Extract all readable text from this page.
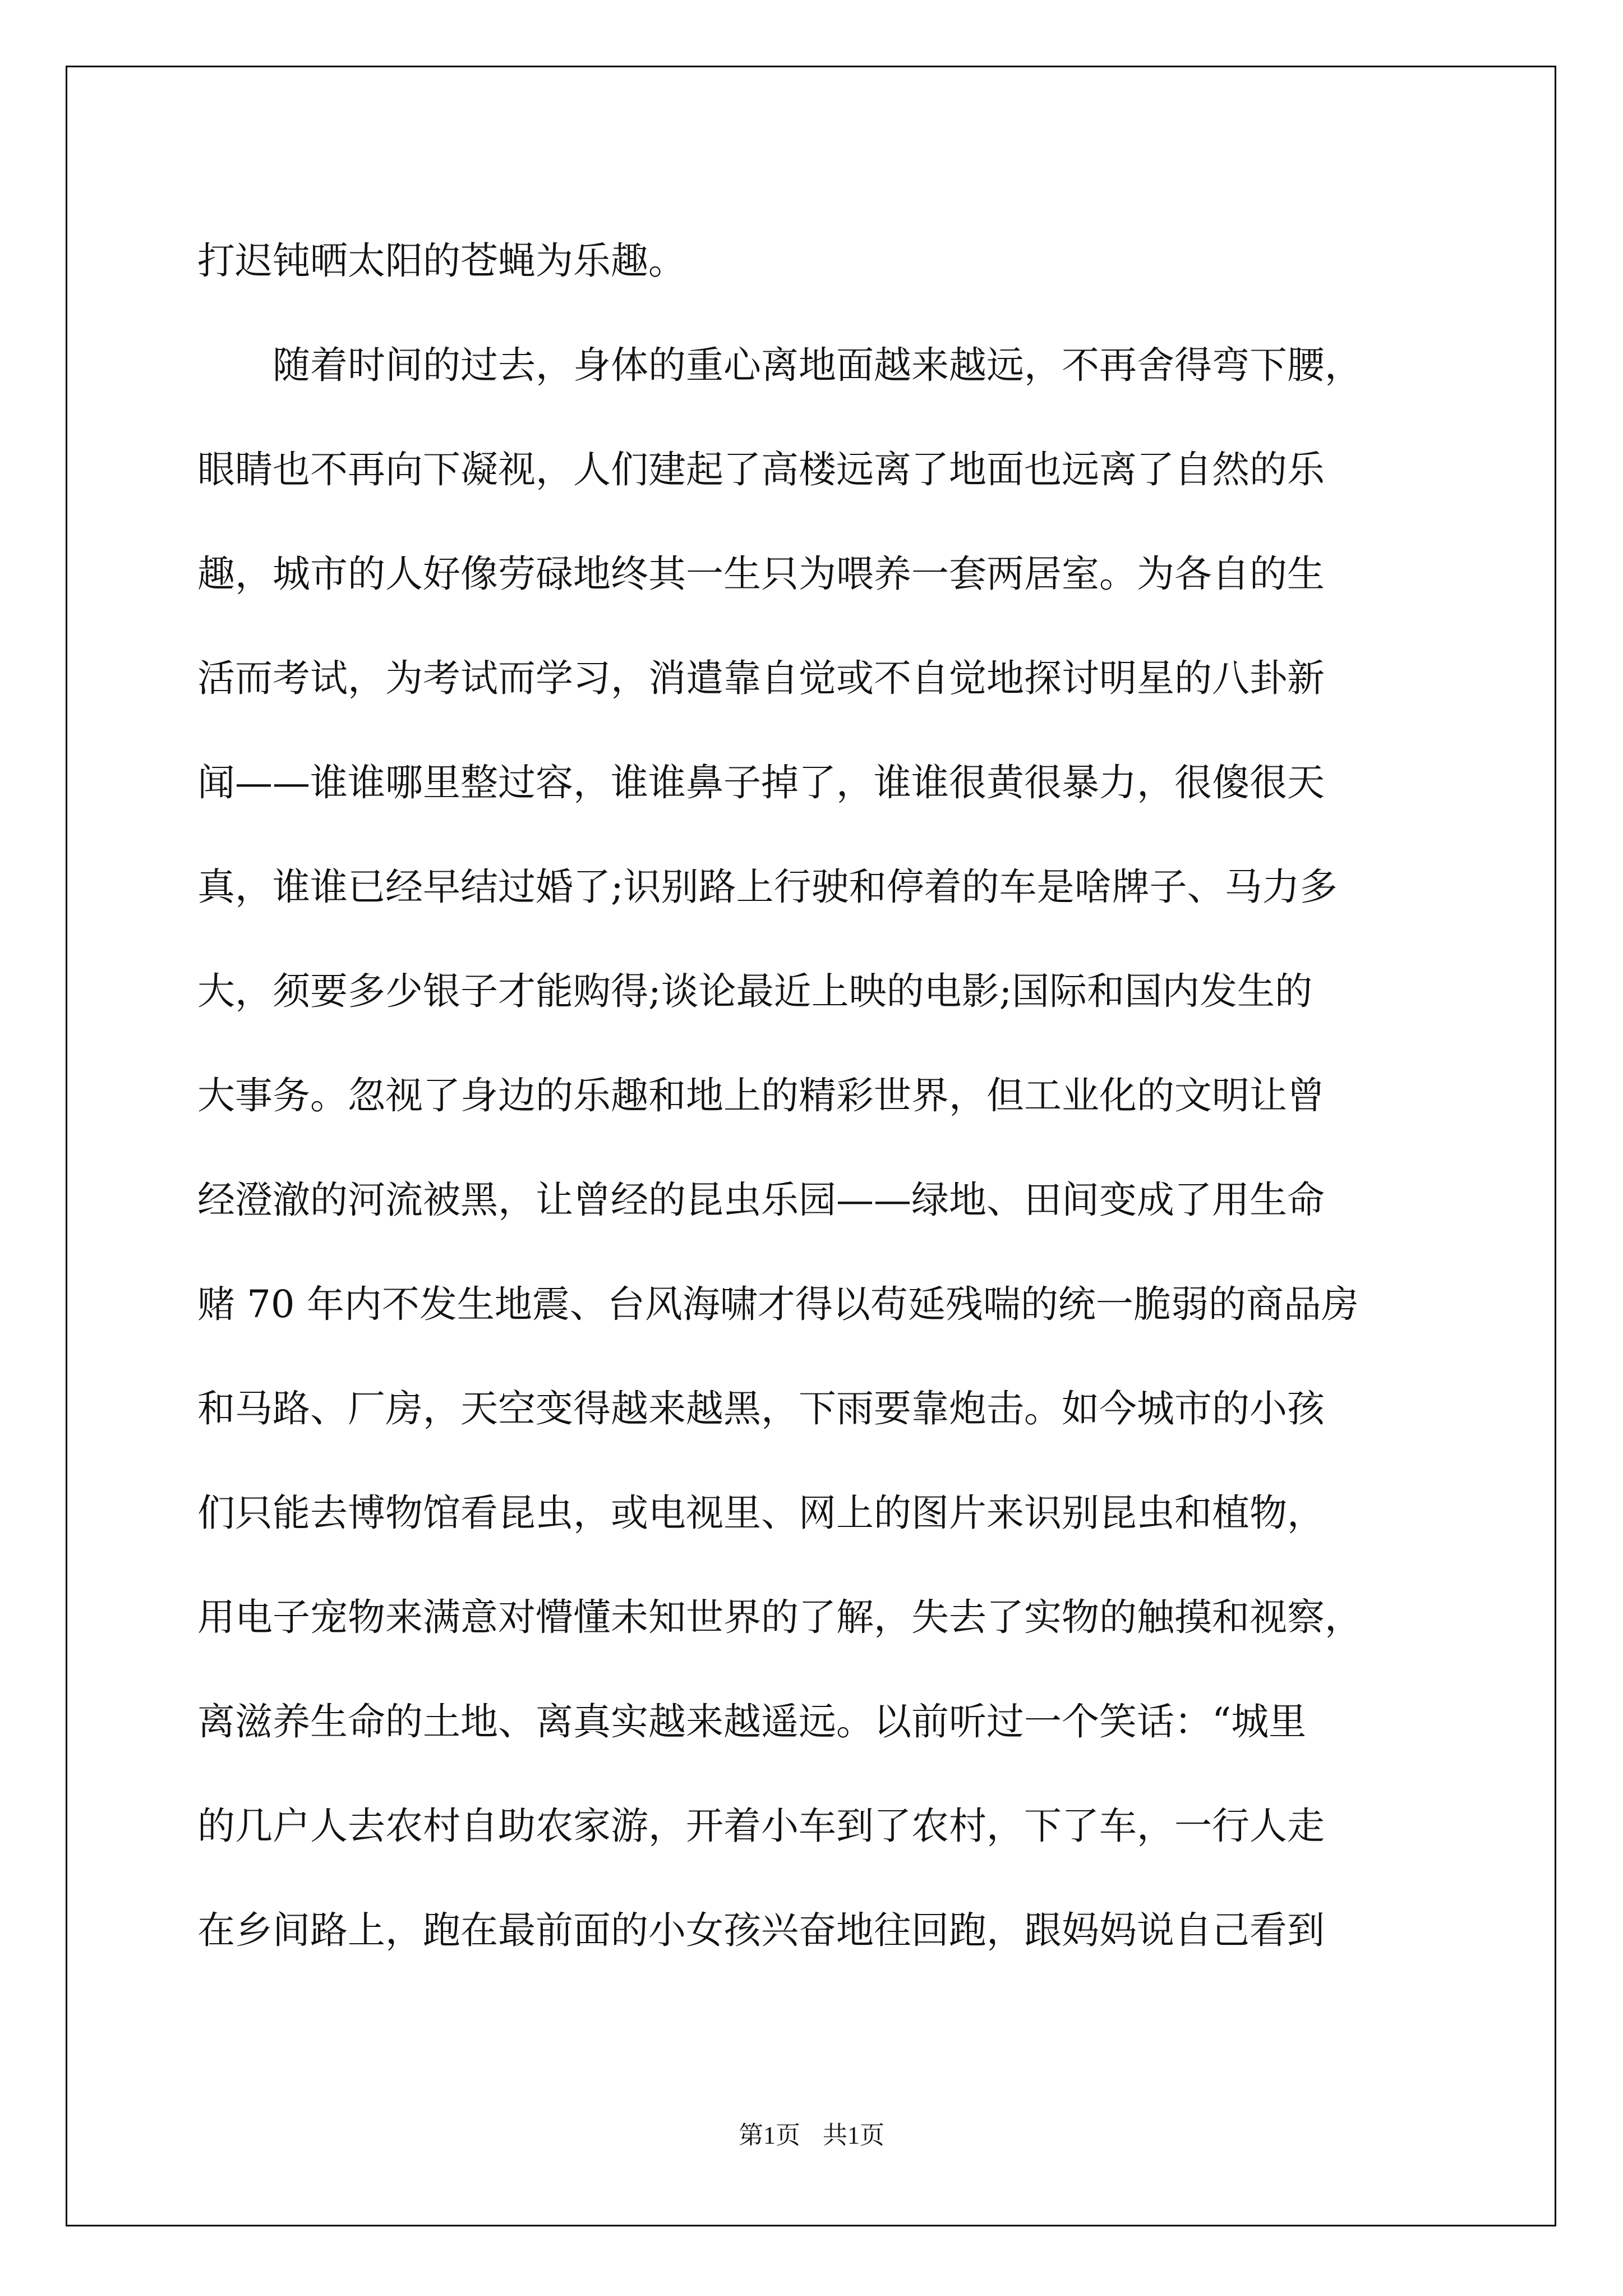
打迟钝晒太阳的苍蝇为乐趣。

　　随着时间的过去，身体的重心离地面越来越远，不再舍得弯下腰，

眼睛也不再向下凝视，人们建起了高楼远离了地面也远离了自然的乐

趣，城市的人好像劳碌地终其一生只为喂养一套两居室。为各自的生

活而考试，为考试而学习，消遣靠自觉或不自觉地探讨明星的八卦新

闻——谁谁哪里整过容，谁谁鼻子掉了，谁谁很黄很暴力，很傻很天

真，谁谁已经早结过婚了;识别路上行驶和停着的车是啥牌子、马力多

大，须要多少银子才能购得;谈论最近上映的电影;国际和国内发生的

大事务。忽视了身边的乐趣和地上的精彩世界，但工业化的文明让曾

经澄澈的河流被黑，让曾经的昆虫乐园——绿地、田间变成了用生命

赌 70 年内不发生地震、台风海啸才得以苟延残喘的统一脆弱的商品房

和马路、厂房，天空变得越来越黑，下雨要靠炮击。如今城市的小孩

们只能去博物馆看昆虫，或电视里、网上的图片来识别昆虫和植物，

用电子宠物来满意对懵懂未知世界的了解，失去了实物的触摸和视察，

离滋养生命的土地、离真实越来越遥远。以前听过一个笑话：“城里

的几户人去农村自助农家游，开着小车到了农村，下了车，一行人走

在乡间路上，跑在最前面的小女孩兴奋地往回跑，跟妈妈说自己看到

第1页 共1页
